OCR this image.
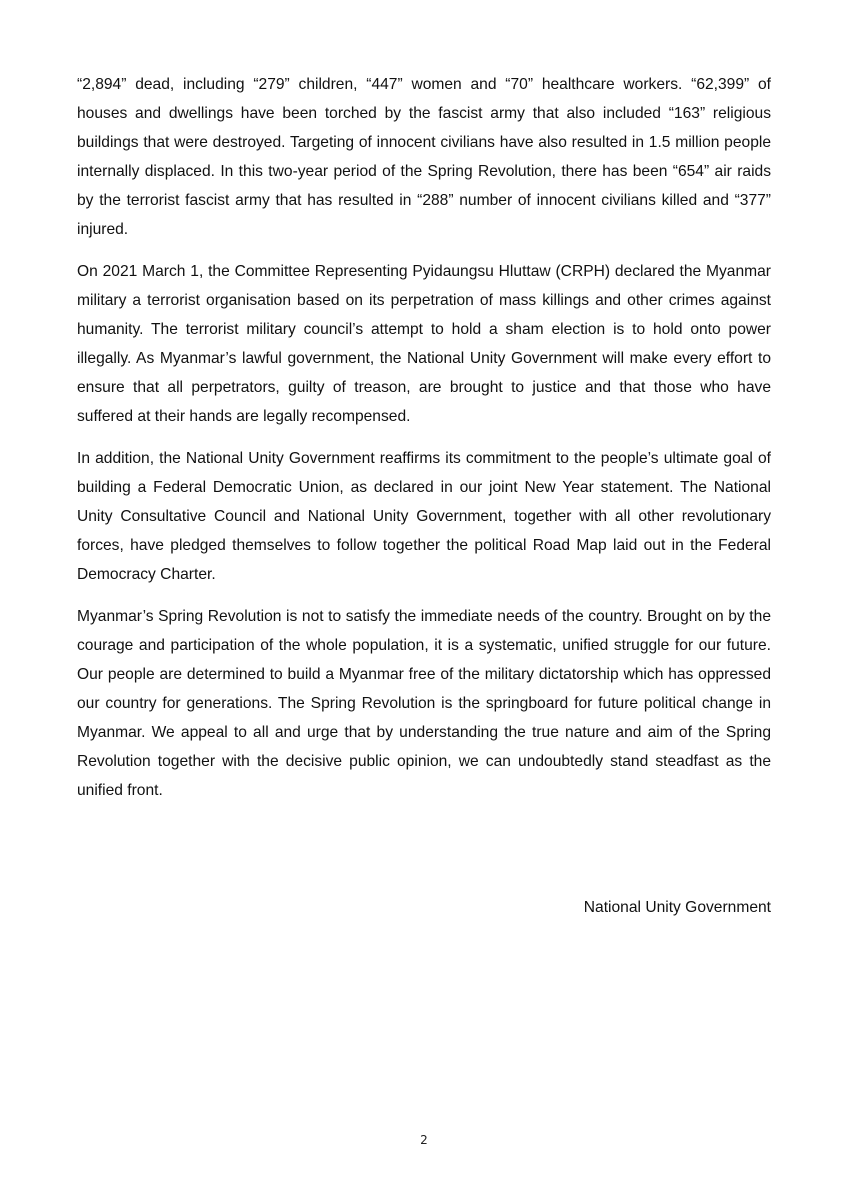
“2,894” dead, including “279” children, “447” women and “70” healthcare workers. “62,399” of houses and dwellings have been torched by the fascist army that also included “163” religious buildings that were destroyed. Targeting of innocent civilians have also resulted in 1.5 million people internally displaced. In this two-year period of the Spring Revolution, there has been “654” air raids by the terrorist fascist army that has resulted in “288” number of innocent civilians killed and “377” injured.

On 2021 March 1, the Committee Representing Pyidaungsu Hluttaw (CRPH) declared the Myanmar military a terrorist organisation based on its perpetration of mass killings and other crimes against humanity. The terrorist military council’s attempt to hold a sham election is to hold onto power illegally. As Myanmar’s lawful government, the National Unity Government will make every effort to ensure that all perpetrators, guilty of treason, are brought to justice and that those who have suffered at their hands are legally recompensed.

In addition, the National Unity Government reaffirms its commitment to the people’s ultimate goal of building a Federal Democratic Union, as declared in our joint New Year statement. The National Unity Consultative Council and National Unity Government, together with all other revolutionary forces, have pledged themselves to follow together the political Road Map laid out in the Federal Democracy Charter.

Myanmar’s Spring Revolution is not to satisfy the immediate needs of the country. Brought on by the courage and participation of the whole population, it is a systematic, unified struggle for our future. Our people are determined to build a Myanmar free of the military dictatorship which has oppressed our country for generations. The Spring Revolution is the springboard for future political change in Myanmar. We appeal to all and urge that by understanding the true nature and aim of the Spring Revolution together with the decisive public opinion, we can undoubtedly stand steadfast as the unified front.

National Unity Government
2
